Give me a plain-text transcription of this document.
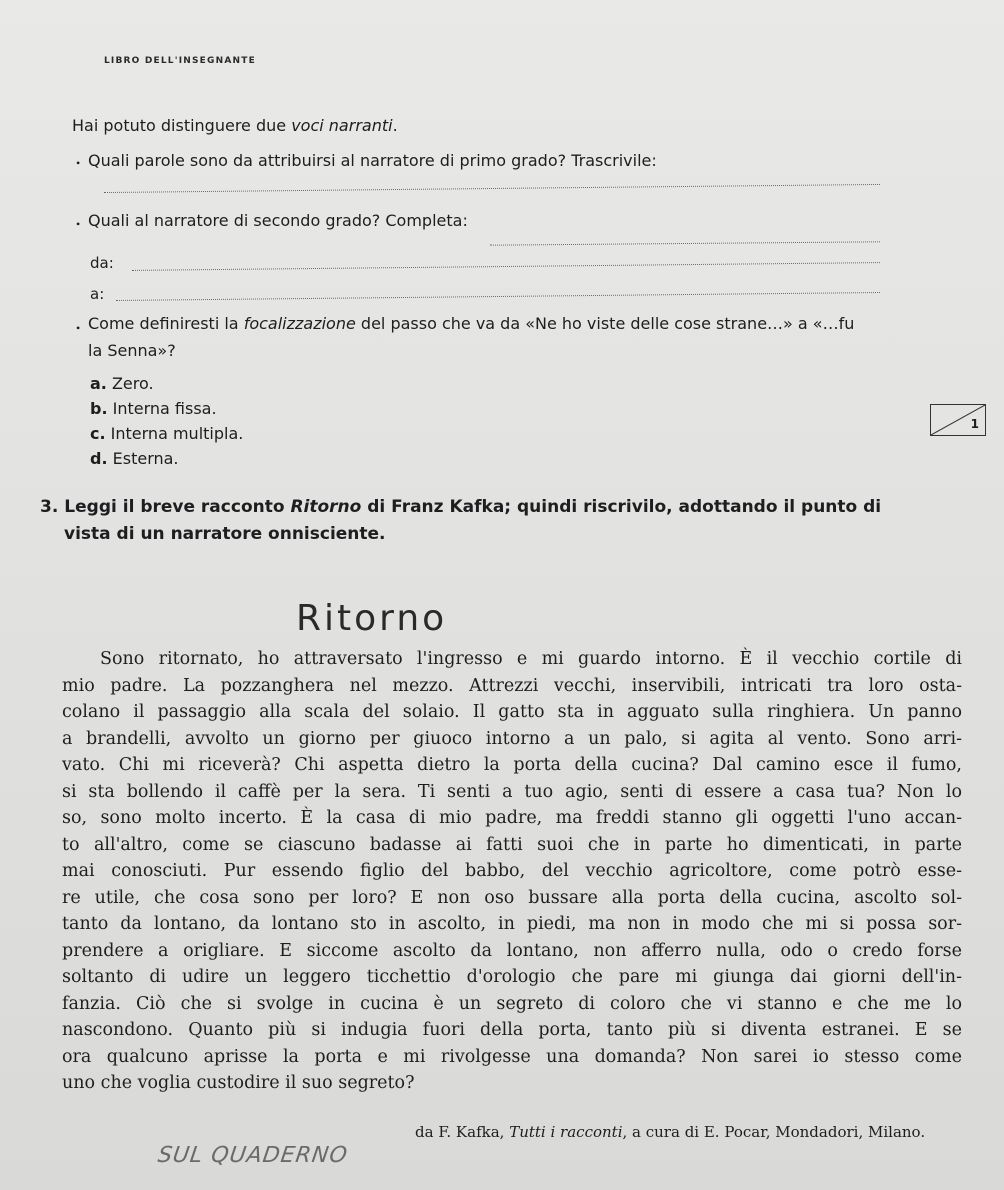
LIBRO DELL'INSEGNANTE
Hai potuto distinguere due voci narranti.
• Quali parole sono da attribuirsi al narratore di primo grado? Trascrivile:
• Quali al narratore di secondo grado? Completa:
da:
a:
• Come definiresti la focalizzazione del passo che va da «Ne ho viste delle cose strane…» a «…fu
la Senna»?
a. Zero.
b. Interna fissa.
c. Interna multipla.
d. Esterna.
1
3. Leggi il breve racconto Ritorno di Franz Kafka; quindi riscrivilo, adottando il punto di
vista di un narratore onnisciente.
Ritorno
Sono ritornato, ho attraversato l'ingresso e mi guardo intorno. È il vecchio cortile di
mio padre. La pozzanghera nel mezzo. Attrezzi vecchi, inservibili, intricati tra loro osta-
colano il passaggio alla scala del solaio. Il gatto sta in agguato sulla ringhiera. Un panno
a brandelli, avvolto un giorno per giuoco intorno a un palo, si agita al vento. Sono arri-
vato. Chi mi riceverà? Chi aspetta dietro la porta della cucina? Dal camino esce il fumo,
si sta bollendo il caffè per la sera. Ti senti a tuo agio, senti di essere a casa tua? Non lo
so, sono molto incerto. È la casa di mio padre, ma freddi stanno gli oggetti l'uno accan-
to all'altro, come se ciascuno badasse ai fatti suoi che in parte ho dimenticati, in parte
mai conosciuti. Pur essendo figlio del babbo, del vecchio agricoltore, come potrò esse-
re utile, che cosa sono per loro? E non oso bussare alla porta della cucina, ascolto sol-
tanto da lontano, da lontano sto in ascolto, in piedi, ma non in modo che mi si possa sor-
prendere a origliare. E siccome ascolto da lontano, non afferro nulla, odo o credo forse
soltanto di udire un leggero ticchettio d'orologio che pare mi giunga dai giorni dell'in-
fanzia. Ciò che si svolge in cucina è un segreto di coloro che vi stanno e che me lo
nascondono. Quanto più si indugia fuori della porta, tanto più si diventa estranei. E se
ora qualcuno aprisse la porta e mi rivolgesse una domanda? Non sarei io stesso come
uno che voglia custodire il suo segreto?
da F. Kafka, Tutti i racconti, a cura di E. Pocar, Mondadori, Milano.
SUL QUADERNO
